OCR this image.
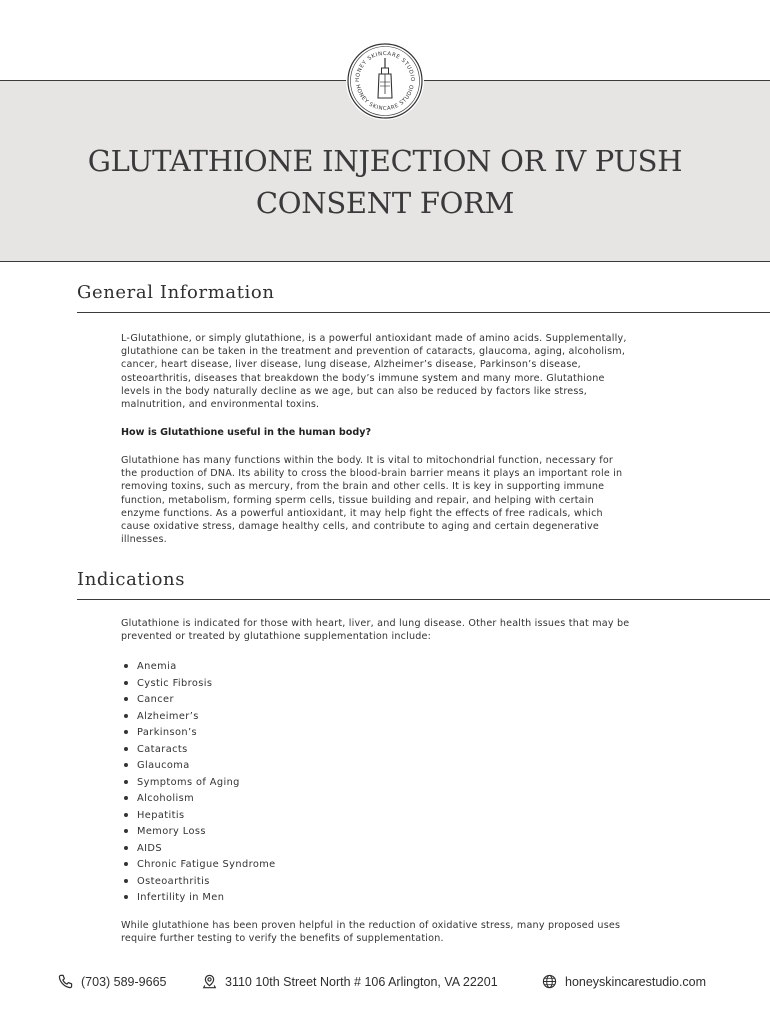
HONEY SKINCARE STUDIO
HONEY SKINCARE STUDIO
GLUTATHIONE INJECTION OR IV PUSH
CONSENT FORM
General Information
L-Glutathione, or simply glutathione, is a powerful antioxidant made of amino acids. Supplementally,
glutathione can be taken in the treatment and prevention of cataracts, glaucoma, aging, alcoholism,
cancer, heart disease, liver disease, lung disease, Alzheimer’s disease, Parkinson’s disease,
osteoarthritis, diseases that breakdown the body’s immune system and many more. Glutathione
levels in the body naturally decline as we age, but can also be reduced by factors like stress,
malnutrition, and environmental toxins.
How is Glutathione useful in the human body?
Glutathione has many functions within the body. It is vital to mitochondrial function, necessary for
the production of DNA. Its ability to cross the blood-brain barrier means it plays an important role in
removing toxins, such as mercury, from the brain and other cells. It is key in supporting immune
function, metabolism, forming sperm cells, tissue building and repair, and helping with certain
enzyme functions. As a powerful antioxidant, it may help fight the effects of free radicals, which
cause oxidative stress, damage healthy cells, and contribute to aging and certain degenerative
illnesses.
Indications
Glutathione is indicated for those with heart, liver, and lung disease. Other health issues that may be
prevented or treated by glutathione supplementation include:
Anemia
Cystic Fibrosis
Cancer
Alzheimer’s
Parkinson’s
Cataracts
Glaucoma
Symptoms of Aging
Alcoholism
Hepatitis
Memory Loss
AIDS
Chronic Fatigue Syndrome
Osteoarthritis
Infertility in Men
While glutathione has been proven helpful in the reduction of oxidative stress, many proposed uses
require further testing to verify the benefits of supplementation.
(703) 589-9665	3110 10th Street North # 106 Arlington, VA 22201	honeyskincarestudio.com
